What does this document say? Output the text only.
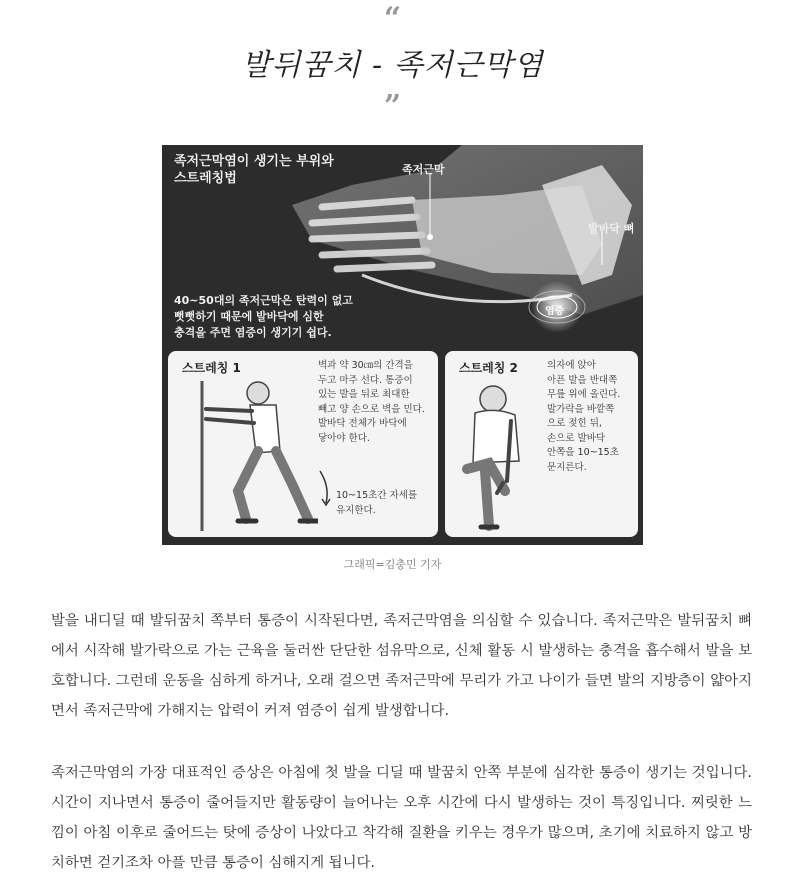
“
발뒤꿈치 - 족저근막염
”
족저근막염이 생기는 부위와
스트레칭법
족저근막
발바닥 뼈
염증
40~50대의 족저근막은 탄력이 없고
뻣뻣하기 때문에 발바닥에 심한
충격을 주면 염증이 생기기 쉽다.
스트레칭 1	벽과 약 30㎝의 간격을
두고 마주 선다. 통증이
있는 발을 뒤로 최대한
빼고 양 손으로 벽을 민다.
발바닥 전체가 바닥에
닿아야 한다.
10~15초간 자세를
유지한다.
스트레칭 2	의자에 앉아
아픈 발을 반대쪽
무릎 위에 올린다.
발가락을 바깥쪽
으로 젖힌 뒤,
손으로 발바닥
안쪽을 10~15초
문지른다.
그래픽=김충민 기자

발을 내디딜 때 발뒤꿈치 쪽부터 통증이 시작된다면, 족저근막염을 의심할 수 있습니다. 족저근막은 발뒤꿈치 뼈에서 시작해 발가락으로 가는 근육을 둘러싼 단단한 섬유막으로, 신체 활동 시 발생하는 충격을 흡수해서 발을 보호합니다. 그런데 운동을 심하게 하거나, 오래 걸으면 족저근막에 무리가 가고 나이가 들면 발의 지방층이 얇아지면서 족저근막에 가해지는 압력이 커져 염증이 쉽게 발생합니다.

족저근막염의 가장 대표적인 증상은 아침에 첫 발을 디딜 때 발꿈치 안쪽 부분에 심각한 통증이 생기는 것입니다. 시간이 지나면서 통증이 줄어들지만 활동량이 늘어나는 오후 시간에 다시 발생하는 것이 특징입니다. 찌릿한 느낌이 아침 이후로 줄어드는 탓에 증상이 나았다고 착각해 질환을 키우는 경우가 많으며, 초기에 치료하지 않고 방치하면 걷기조차 아플 만큼 통증이 심해지게 됩니다.
